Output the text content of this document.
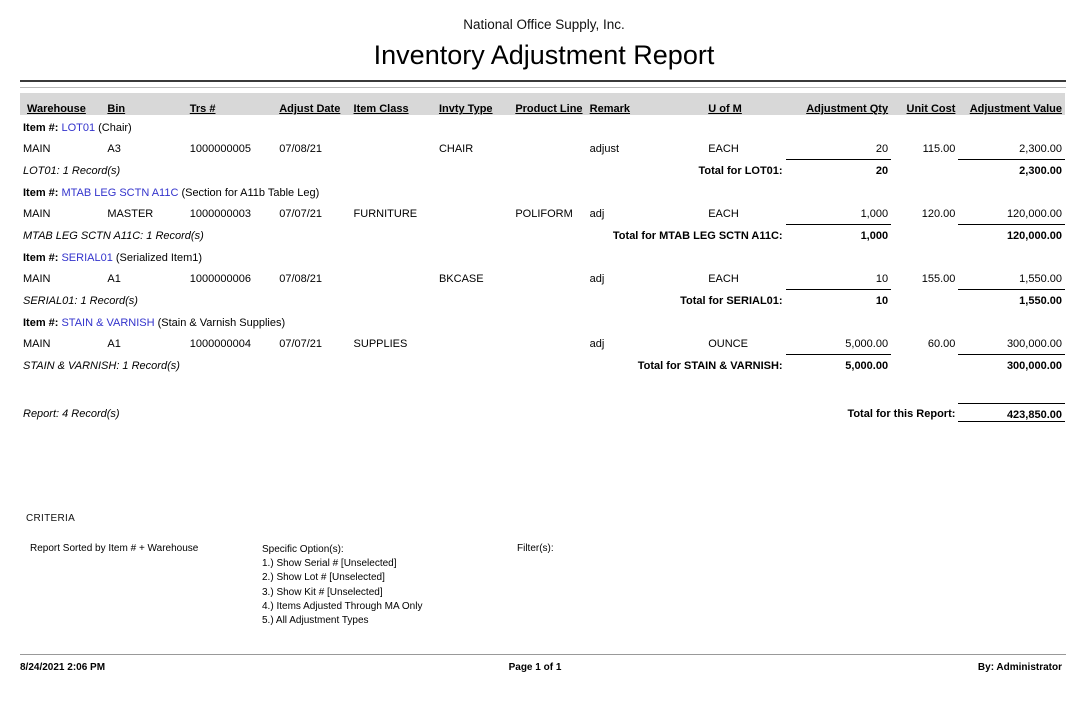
National Office Supply, Inc.
Inventory Adjustment Report
Warehouse	Bin	Trs #	Adjust Date	Item Class	Invty Type	Product Line	Remark	U of M	Adjustment Qty	Unit Cost	Adjustment Value

Item #: LOT01 (Chair)											

MAIN	A3	1000000005	07/08/21		CHAIR		adjust	EACH	20	115.00	2,300.00
LOT01: 1 Record(s)					Total for LOT01:				20		2,300.00

Item #: MTAB LEG SCTN A11C (Section for A11b Table Leg)											

MAIN	MASTER	1000000003	07/07/21	FURNITURE		POLIFORM	adj	EACH	1,000	120.00	120,000.00
MTAB LEG SCTN A11C: 1 Record(s)					Total for MTAB LEG SCTN A11C:				1,000		120,000.00

Item #: SERIAL01 (Serialized Item1)											

MAIN	A1	1000000006	07/08/21		BKCASE		adj	EACH	10	155.00	1,550.00
SERIAL01: 1 Record(s)					Total for SERIAL01:				10		1,550.00

Item #: STAIN & VARNISH (Stain & Varnish Supplies)											

MAIN	A1	1000000004	07/07/21	SUPPLIES			adj	OUNCE	5,000.00	60.00	300,000.00
STAIN & VARNISH: 1 Record(s)					Total for STAIN & VARNISH:				5,000.00		300,000.00

Report: 4 Record(s)								Total for this Report:			423,850.00
CRITERIA
Report Sorted by Item # + Warehouse	Specific Option(s):
1.) Show Serial # [Unselected]
2.) Show Lot # [Unselected]
3.) Show Kit # [Unselected]
4.) Items Adjusted Through MA Only
5.) All Adjustment Types
Filter(s):
Page 1 of 1
8/24/2021 2:06 PM	By: Administrator
